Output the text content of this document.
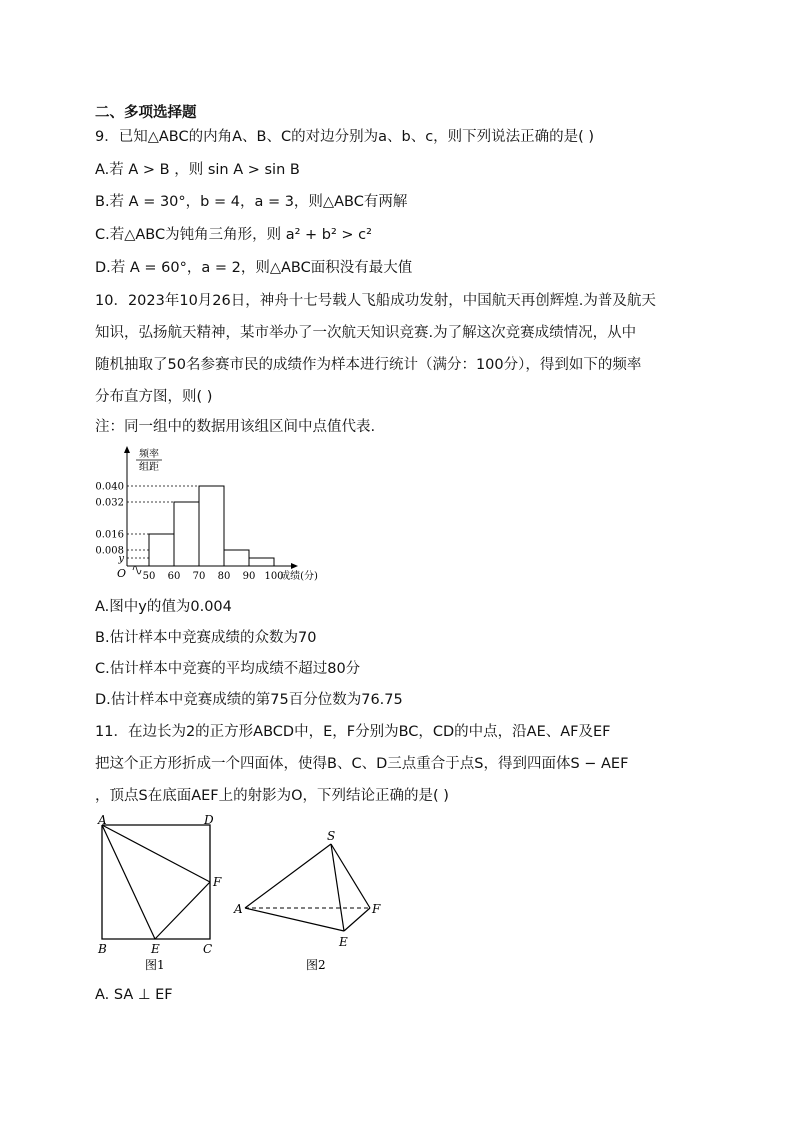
二、多项选择题
9．已知△ABC的内角A、B、C的对边分别为a、b、c，则下列说法正确的是( )
A.若 A > B ，则 sin A > sin B
B.若 A = 30°，b = 4，a = 3，则△ABC有两解
C.若△ABC为钝角三角形，则 a² + b² > c²
D.若 A = 60°，a = 2，则△ABC面积没有最大值
10．2023年10月26日，神舟十七号载人飞船成功发射，中国航天再创辉煌.为普及航天
知识，弘扬航天精神，某市举办了一次航天知识竞赛.为了解这次竞赛成绩情况，从中
随机抽取了50名参赛市民的成绩作为样本进行统计（满分：100分），得到如下的频率
分布直方图，则( )
注：同一组中的数据用该组区间中点值代表.
0.040
0.032
0.016
0.008
y
50 60 70 80 90 100
O	成绩(分)
频率
组距
A.图中y的值为0.004
B.估计样本中竞赛成绩的众数为70
C.估计样本中竞赛的平均成绩不超过80分
D.估计样本中竞赛成绩的第75百分位数为76.75
11．在边长为2的正方形ABCD中，E，F分别为BC，CD的中点，沿AE、AF及EF
把这个正方形折成一个四面体，使得B、C、D三点重合于点S，得到四面体S − AEF
，顶点S在底面AEF上的射影为O，下列结论正确的是( )
A	D
F
B	E	C
图1
S
A	F
E
图2
A. SA ⊥ EF
